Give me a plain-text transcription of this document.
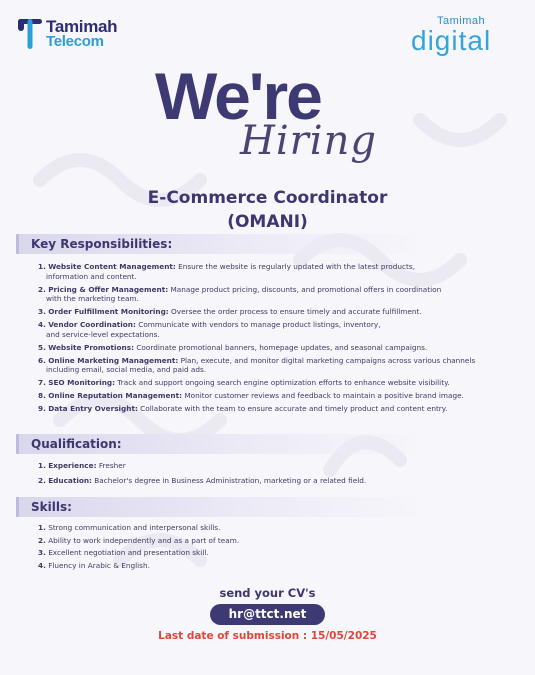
Tamimah
Telecom
Tamimah
digital
We're
Hiring
E-Commerce Coordinator
(OMANI)
Key Responsibilities:
1. Website Content Management: Ensure the website is regularly updated with the latest products,
information and content.
2. Pricing & Offer Management: Manage product pricing, discounts, and promotional offers in coordination
with the marketing team.
3. Order Fulfillment Monitoring: Oversee the order process to ensure timely and accurate fulfillment.
4. Vendor Coordination: Communicate with vendors to manage product listings, inventory,
and service-level expectations.
5. Website Promotions: Coordinate promotional banners, homepage updates, and seasonal campaigns.
6. Online Marketing Management: Plan, execute, and monitor digital marketing campaigns across various channels
including email, social media, and paid ads.
7. SEO Monitoring: Track and support ongoing search engine optimization efforts to enhance website visibility.
8. Online Reputation Management: Monitor customer reviews and feedback to maintain a positive brand image.
9. Data Entry Oversight: Collaborate with the team to ensure accurate and timely product and content entry.
Qualification:
1. Experience: Fresher
2. Education: Bachelor's degree in Business Administration, marketing or a related field.
Skills:
1. Strong communication and interpersonal skills.
2. Ability to work independently and as a part of team.
3. Excellent negotiation and presentation skill.
4. Fluency in Arabic & English.
send your CV's
hr@ttct.net
Last date of submission : 15/05/2025
